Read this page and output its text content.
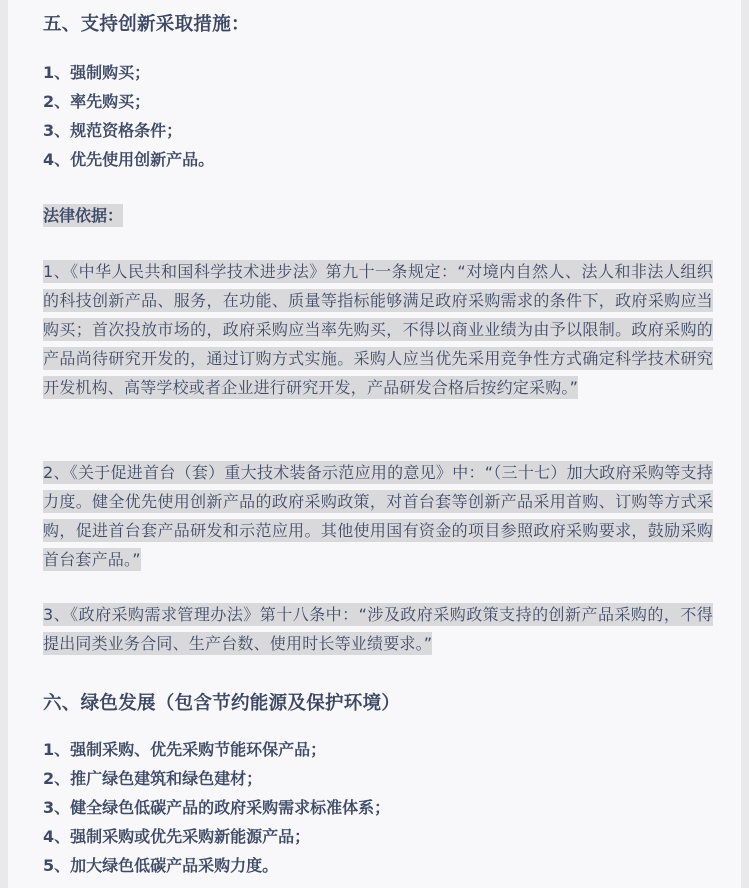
五、支持创新采取措施：
1、强制购买；
2、率先购买；
3、规范资格条件；
4、优先使用创新产品。
法律依据：
1、《中华人民共和国科学技术进步法》第九十一条规定：“对境内自然人、法人和非法人组织的科技创新产品、服务，在功能、质量等指标能够满足政府采购需求的条件下，政府采购应当购买；首次投放市场的，政府采购应当率先购买，不得以商业业绩为由予以限制。政府采购的产品尚待研究开发的，通过订购方式实施。采购人应当优先采用竞争性方式确定科学技术研究开发机构、高等学校或者企业进行研究开发，产品研发合格后按约定采购。”
2、《关于促进首台（套）重大技术装备示范应用的意见》中：“（三十七）加大政府采购等支持力度。健全优先使用创新产品的政府采购政策，对首台套等创新产品采用首购、订购等方式采购，促进首台套产品研发和示范应用。其他使用国有资金的项目参照政府采购要求，鼓励采购首台套产品。”
3、《政府采购需求管理办法》第十八条中：“涉及政府采购政策支持的创新产品采购的，不得提出同类业务合同、生产台数、使用时长等业绩要求。”
六、绿色发展（包含节约能源及保护环境）
1、强制采购、优先采购节能环保产品；
2、推广绿色建筑和绿色建材；
3、健全绿色低碳产品的政府采购需求标准体系；
4、强制采购或优先采购新能源产品；
5、加大绿色低碳产品采购力度。
